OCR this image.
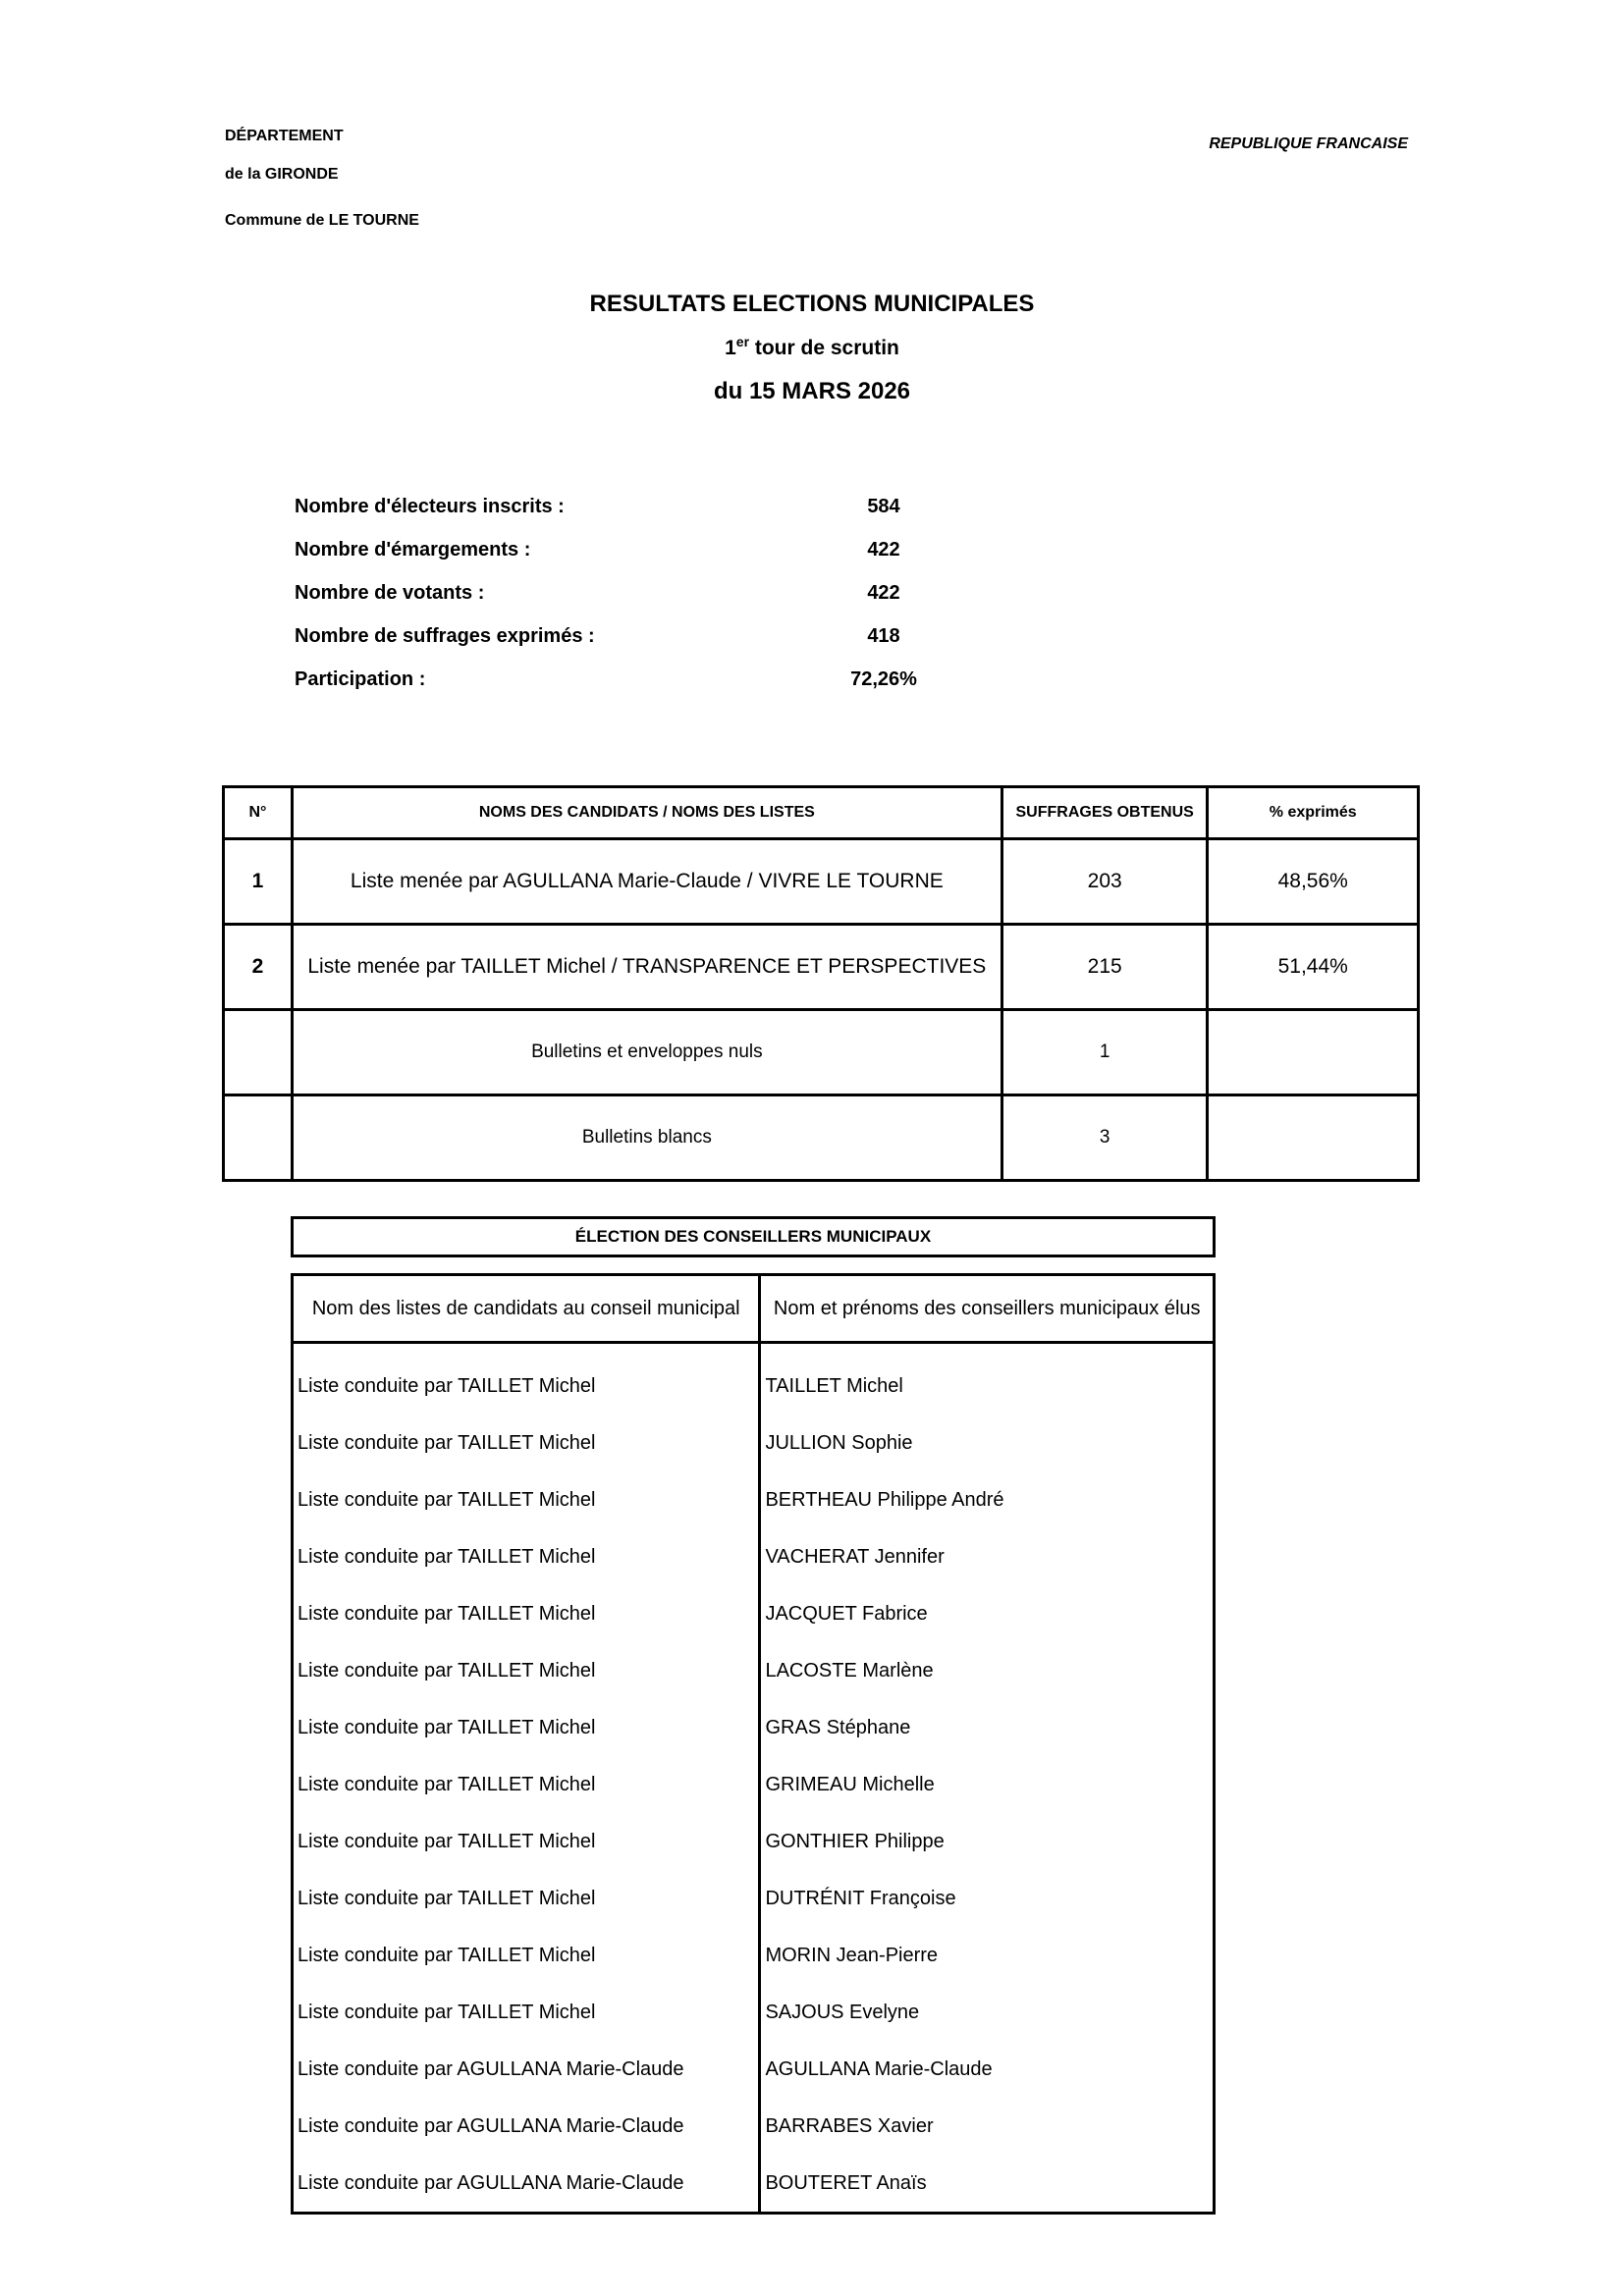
DÉPARTEMENT
de la GIRONDE
Commune de LE TOURNE
REPUBLIQUE FRANCAISE
RESULTATS ELECTIONS MUNICIPALES
1er tour de scrutin
du 15 MARS 2026
Nombre d'électeurs inscrits :	584
Nombre d'émargements :	422
Nombre de votants :	422
Nombre de suffrages exprimés :	418
Participation :	72,26%
N°	NOMS DES CANDIDATS / NOMS DES LISTES	SUFFRAGES OBTENUS	% exprimés
1	Liste menée par AGULLANA Marie-Claude / VIVRE LE TOURNE	203	48,56%
2	Liste menée par TAILLET Michel / TRANSPARENCE ET PERSPECTIVES	215	51,44%
	Bulletins et enveloppes nuls	1	
	Bulletins blancs	3	
ÉLECTION DES CONSEILLERS MUNICIPAUX
Nom des listes de candidats au conseil municipal	Nom et prénoms des conseillers municipaux élus

Liste conduite par TAILLET Michel	TAILLET Michel
Liste conduite par TAILLET Michel	JULLION Sophie
Liste conduite par TAILLET Michel	BERTHEAU Philippe André
Liste conduite par TAILLET Michel	VACHERAT Jennifer
Liste conduite par TAILLET Michel	JACQUET Fabrice
Liste conduite par TAILLET Michel	LACOSTE Marlène
Liste conduite par TAILLET Michel	GRAS Stéphane
Liste conduite par TAILLET Michel	GRIMEAU Michelle
Liste conduite par TAILLET Michel	GONTHIER Philippe
Liste conduite par TAILLET Michel	DUTRÉNIT Françoise
Liste conduite par TAILLET Michel	MORIN Jean-Pierre
Liste conduite par TAILLET Michel	SAJOUS Evelyne
Liste conduite par AGULLANA Marie-Claude	AGULLANA Marie-Claude
Liste conduite par AGULLANA Marie-Claude	BARRABES Xavier
Liste conduite par AGULLANA Marie-Claude	BOUTERET Anaïs
